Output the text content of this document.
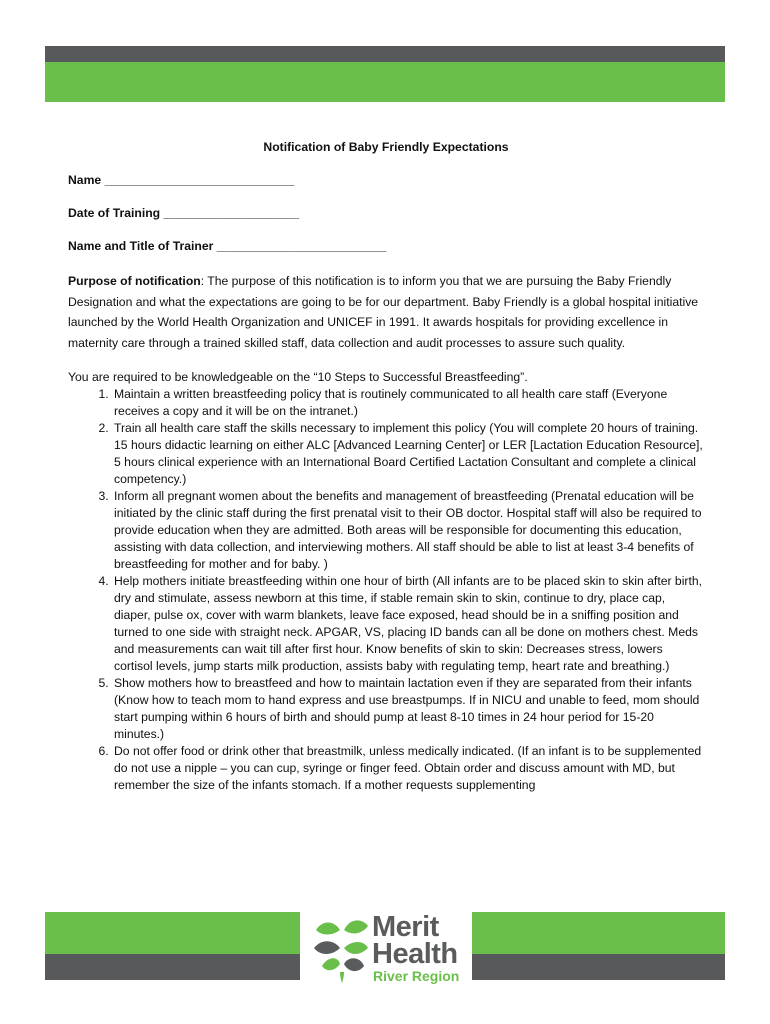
Notification of Baby Friendly Expectations
Name ____________________________
Date of Training ____________________
Name and Title of Trainer _________________________

Purpose of notification: The purpose of this notification is to inform you that we are pursuing the Baby Friendly Designation and what the expectations are going to be for our department. Baby Friendly is a global hospital initiative launched by the World Health Organization and UNICEF in 1991. It awards hospitals for providing excellence in maternity care through a trained skilled staff, data collection and audit processes to assure such quality.

You are required to be knowledgeable on the “10 Steps to Successful Breastfeeding”.

1. Maintain a written breastfeeding policy that is routinely communicated to all health care staff (Everyone receives a copy and it will be on the intranet.)
2. Train all health care staff the skills necessary to implement this policy (You will complete 20 hours of training. 15 hours didactic learning on either ALC [Advanced Learning Center] or LER [Lactation Education Resource], 5 hours clinical experience with an International Board Certified Lactation Consultant and complete a clinical competency.)
3. Inform all pregnant women about the benefits and management of breastfeeding (Prenatal education will be initiated by the clinic staff during the first prenatal visit to their OB doctor. Hospital staff will also be required to provide education when they are admitted. Both areas will be responsible for documenting this education, assisting with data collection, and interviewing mothers. All staff should be able to list at least 3-4 benefits of breastfeeding for mother and for baby. )
4. Help mothers initiate breastfeeding within one hour of birth (All infants are to be placed skin to skin after birth, dry and stimulate, assess newborn at this time, if stable remain skin to skin, continue to dry, place cap, diaper, pulse ox, cover with warm blankets, leave face exposed, head should be in a sniffing position and turned to one side with straight neck. APGAR, VS, placing ID bands can all be done on mothers chest. Meds and measurements can wait till after first hour. Know benefits of skin to skin: Decreases stress, lowers cortisol levels, jump starts milk production, assists baby with regulating temp, heart rate and breathing.)
5. Show mothers how to breastfeed and how to maintain lactation even if they are separated from their infants (Know how to teach mom to hand express and use breastpumps. If in NICU and unable to feed, mom should start pumping within 6 hours of birth and should pump at least 8-10 times in 24 hour period for 15-20 minutes.)
6. Do not offer food or drink other that breastmilk, unless medically indicated. (If an infant is to be supplemented do not use a nipple – you can cup, syringe or finger feed. Obtain order and discuss amount with MD, but remember the size of the infants stomach. If a mother requests supplementing
Merit
Health
River Region
